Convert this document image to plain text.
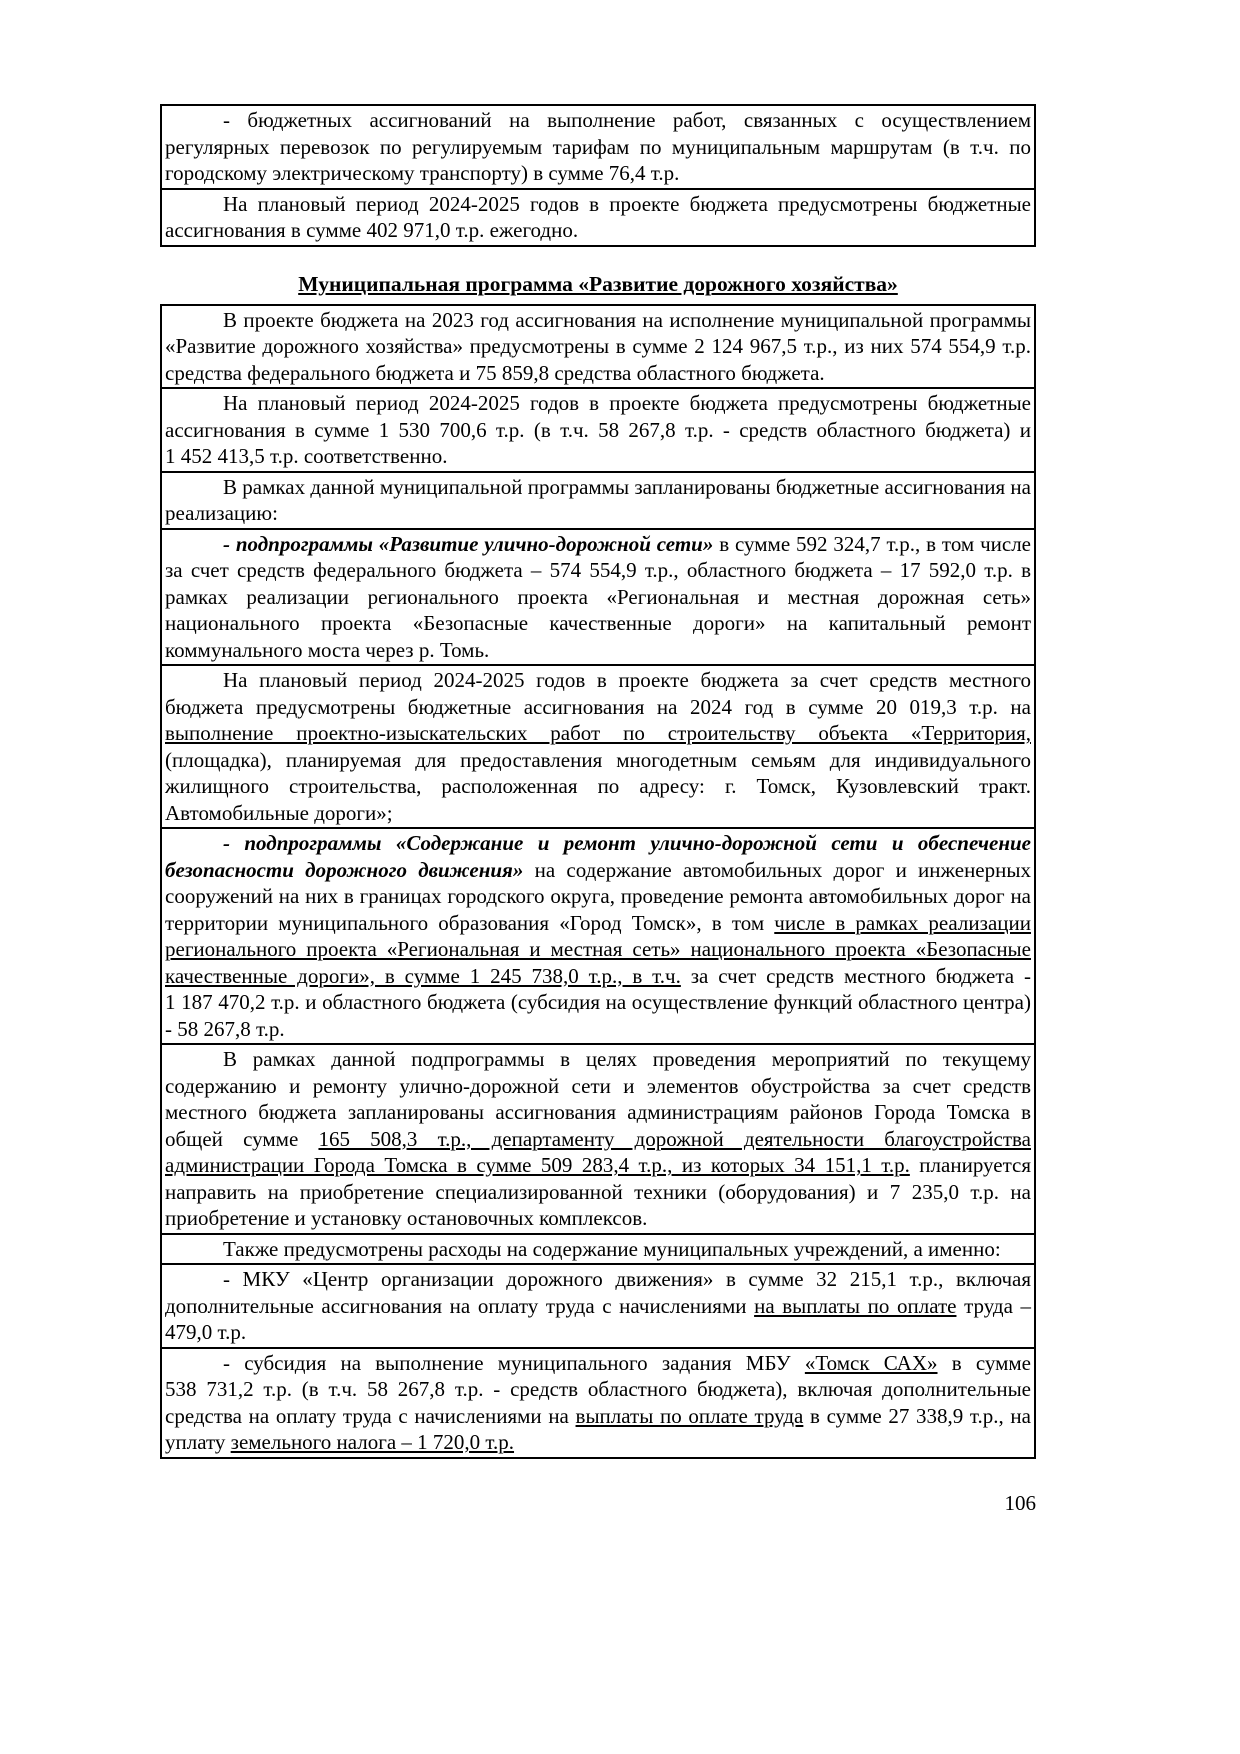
- бюджетных ассигнований на выполнение работ, связанных с осуществлением регулярных перевозок по регулируемым тарифам по муниципальным маршрутам (в т.ч. по городскому электрическому транспорту) в сумме 76,4 т.р.
На плановый период 2024-2025 годов в проекте бюджета предусмотрены бюджетные ассигнования в сумме 402 971,0 т.р. ежегодно.
Муниципальная программа «Развитие дорожного хозяйства»
В проекте бюджета на 2023 год ассигнования на исполнение муниципальной программы «Развитие дорожного хозяйства» предусмотрены в сумме 2 124 967,5 т.р., из них 574 554,9 т.р. средства федерального бюджета и 75 859,8 средства областного бюджета.
На плановый период 2024-2025 годов в проекте бюджета предусмотрены бюджетные ассигнования в сумме 1 530 700,6 т.р. (в т.ч. 58 267,8 т.р. - средств областного бюджета) и 1 452 413,5 т.р. соответственно.
В рамках данной муниципальной программы запланированы бюджетные ассигнования на реализацию:
- подпрограммы «Развитие улично-дорожной сети» в сумме 592 324,7 т.р., в том числе за счет средств федерального бюджета – 574 554,9 т.р., областного бюджета – 17 592,0 т.р. в рамках реализации регионального проекта «Региональная и местная дорожная сеть» национального проекта «Безопасные качественные дороги» на капитальный ремонт коммунального моста через р. Томь.
На плановый период 2024-2025 годов в проекте бюджета за счет средств местного бюджета предусмотрены бюджетные ассигнования на 2024 год в сумме 20 019,3 т.р. на выполнение проектно-изыскательских работ по строительству объекта «Территория, (площадка), планируемая для предоставления многодетным семьям для индивидуального жилищного строительства, расположенная по адресу: г. Томск, Кузовлевский тракт. Автомобильные дороги»;
- подпрограммы «Содержание и ремонт улично-дорожной сети и обеспечение безопасности дорожного движения» на содержание автомобильных дорог и инженерных сооружений на них в границах городского округа, проведение ремонта автомобильных дорог на территории муниципального образования «Город Томск», в том числе в рамках реализации регионального проекта «Региональная и местная сеть» национального проекта «Безопасные качественные дороги», в сумме 1 245 738,0 т.р., в т.ч. за счет средств местного бюджета - 1 187 470,2 т.р. и областного бюджета (субсидия на осуществление функций областного центра) - 58 267,8 т.р.
В рамках данной подпрограммы в целях проведения мероприятий по текущему содержанию и ремонту улично-дорожной сети и элементов обустройства за счет средств местного бюджета запланированы ассигнования администрациям районов Города Томска в общей сумме 165 508,3 т.р., департаменту дорожной деятельности благоустройства администрации Города Томска в сумме 509 283,4 т.р., из которых 34 151,1 т.р. планируется направить на приобретение специализированной техники (оборудования) и 7 235,0 т.р. на приобретение и установку остановочных комплексов.
Также предусмотрены расходы на содержание муниципальных учреждений, а именно:
- МКУ «Центр организации дорожного движения» в сумме 32 215,1 т.р., включая дополнительные ассигнования на оплату труда с начислениями на выплаты по оплате труда – 479,0 т.р.
- субсидия на выполнение муниципального задания МБУ «Томск САХ» в сумме 538 731,2 т.р. (в т.ч. 58 267,8 т.р. - средств областного бюджета), включая дополнительные средства на оплату труда с начислениями на выплаты по оплате труда в сумме 27 338,9 т.р., на уплату земельного налога – 1 720,0 т.р.
106
